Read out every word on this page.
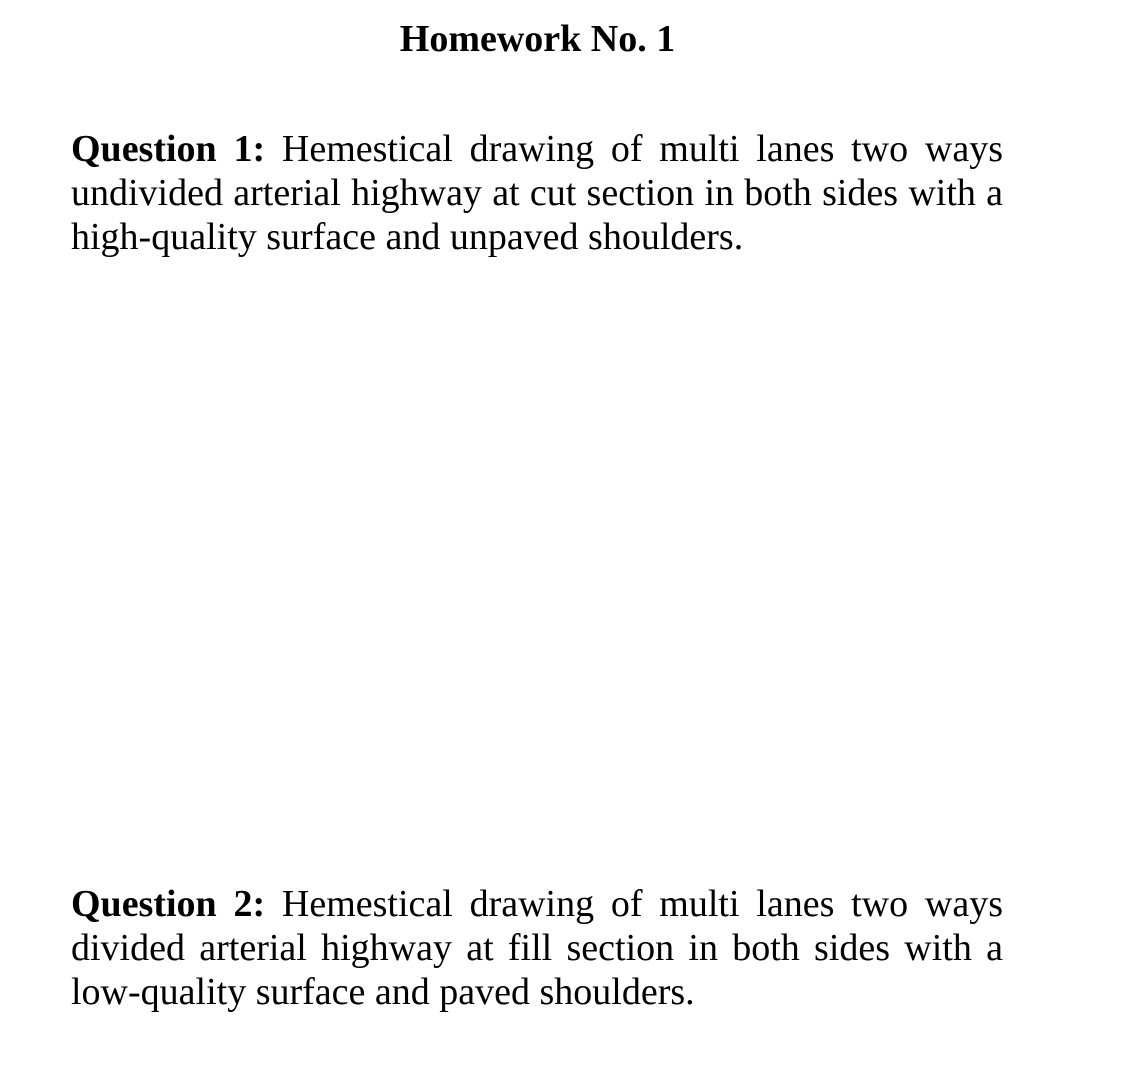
Homework No. 1

Question 1: Hemestical drawing of multi lanes two ways undivided arterial highway at cut section in both sides with a high-quality surface and unpaved shoulders.

Question 2: Hemestical drawing of multi lanes two ways divided arterial highway at fill section in both sides with a low-quality surface and paved shoulders.
